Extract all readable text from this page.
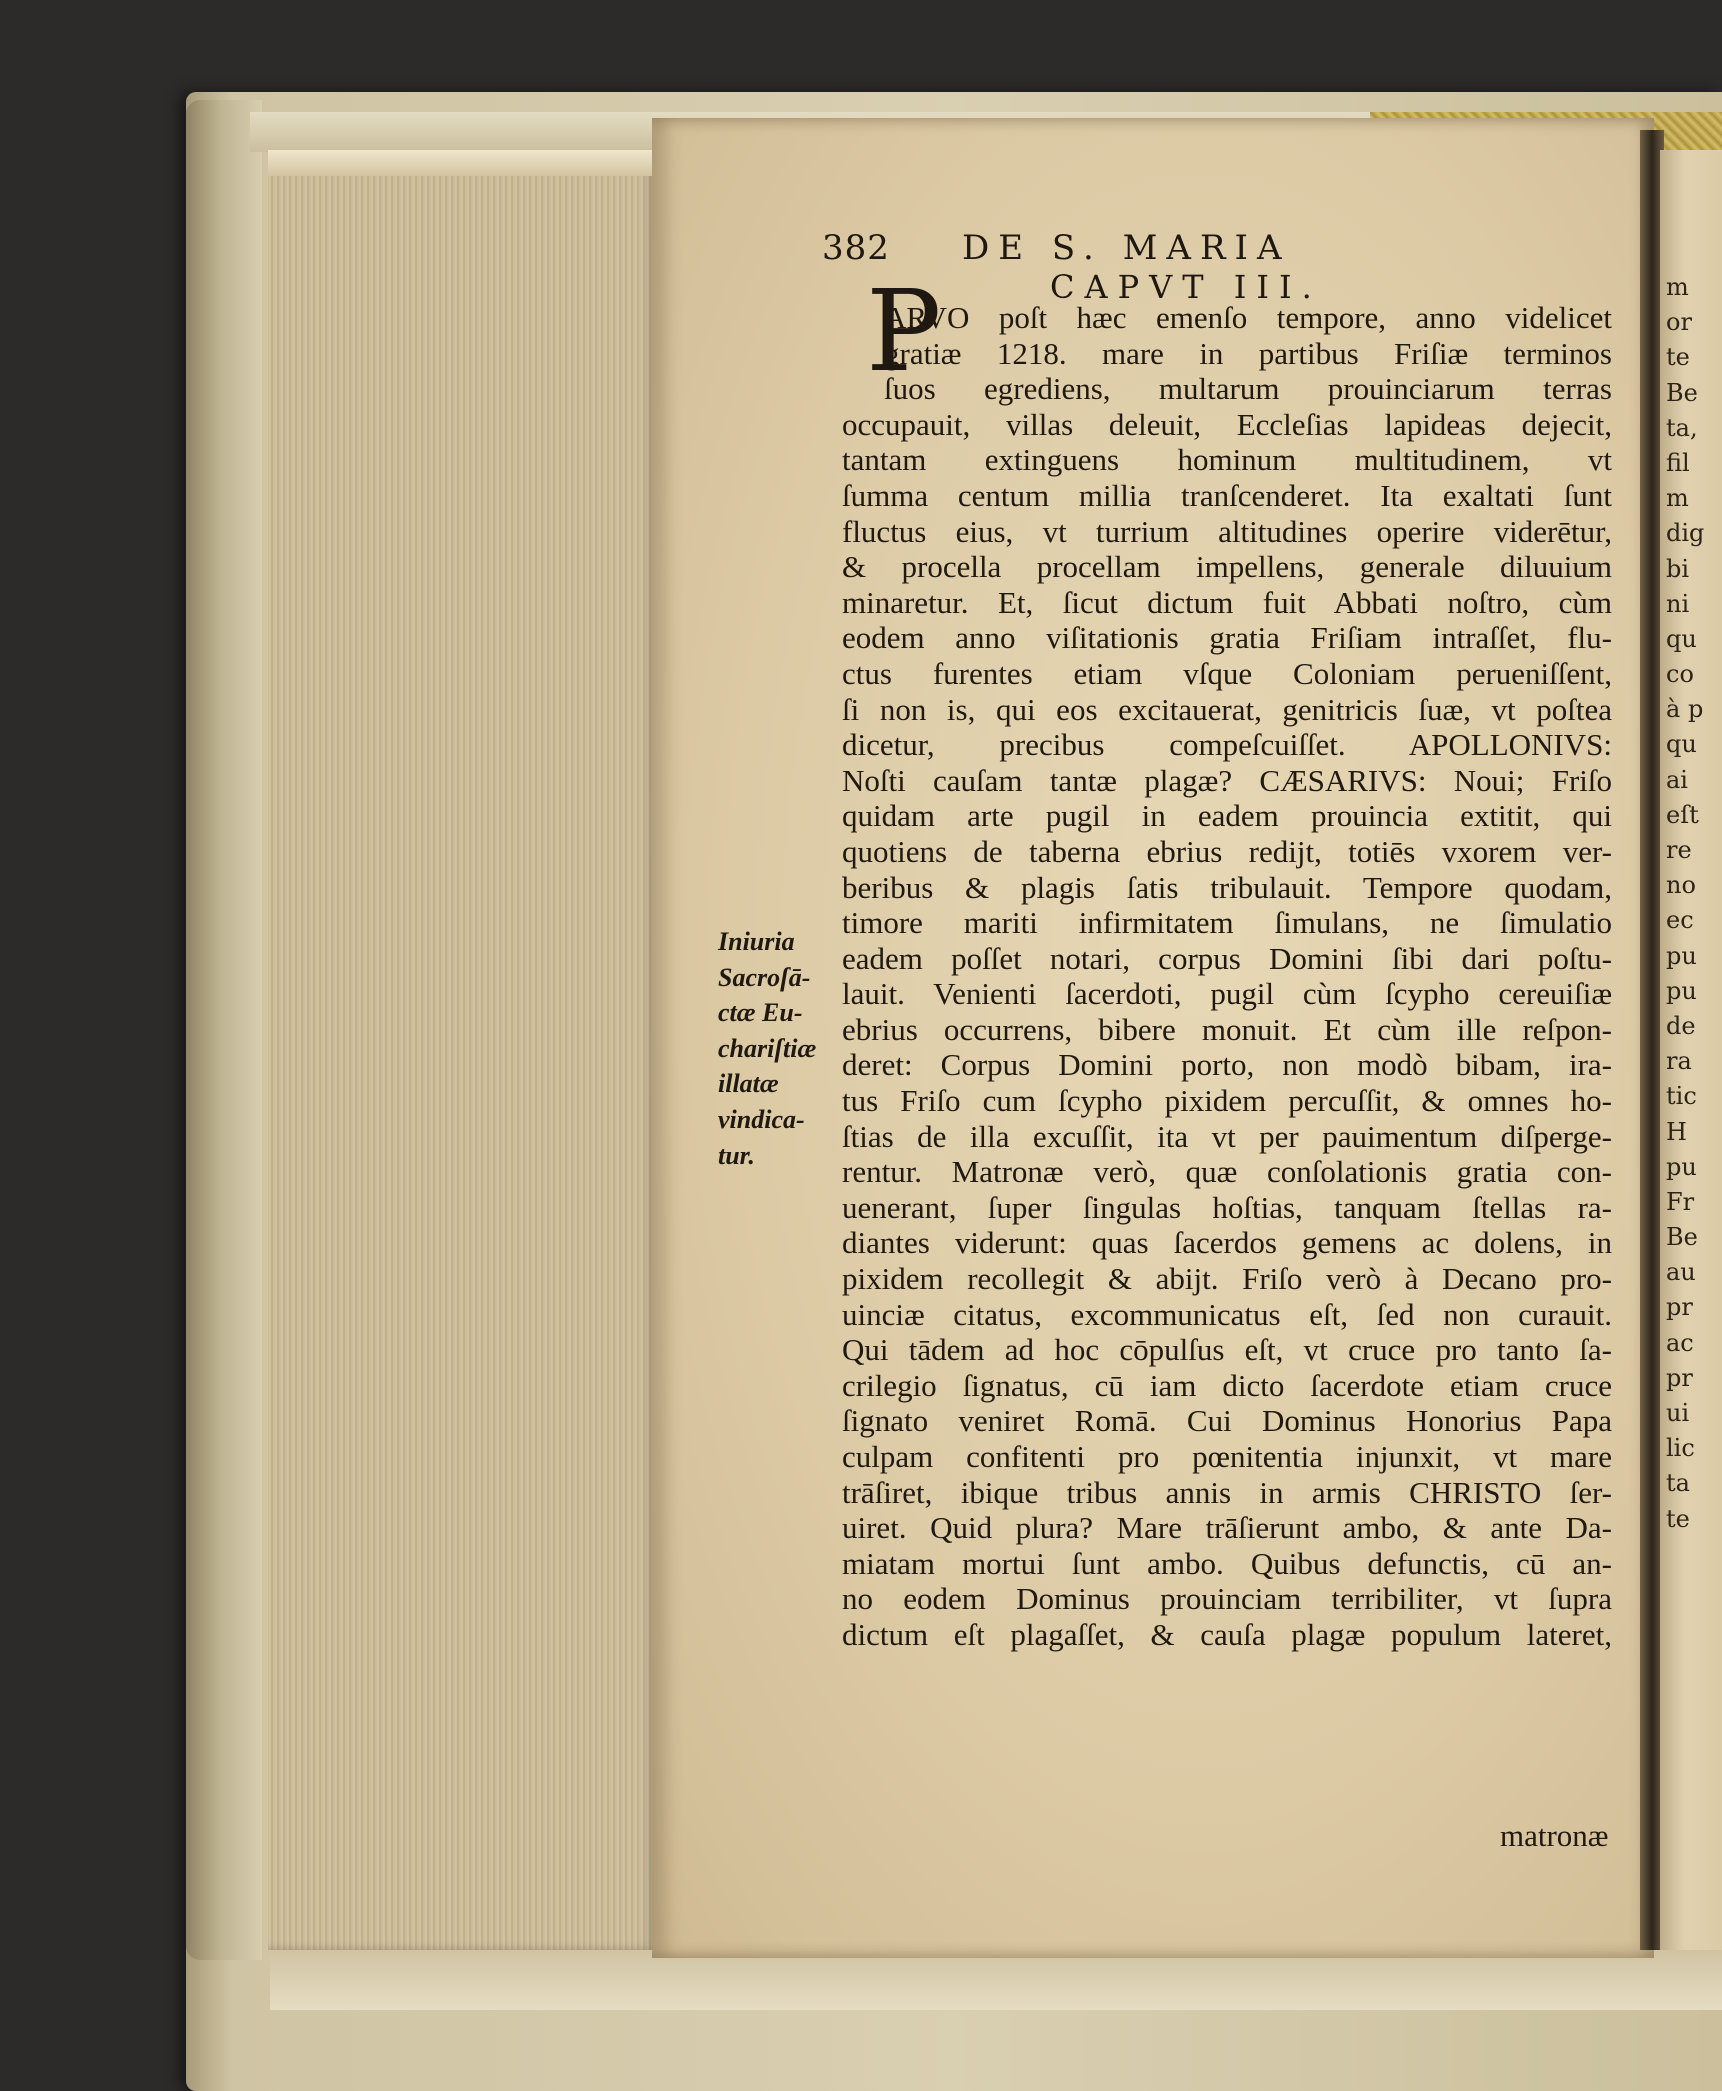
m
or
te
Be
ta,
fil
m
dig
bi
ni
qu
co
à p
qu
ai
eſt
re
no
ec
pu
pu
de
ra
tic
H
pu
Fr
Be
au
pr
ac
pr
ui
lic
ta
te
382 DE S. MARIA
CAPVT III.
P
ARVO poſt hæc emenſo tempore, anno videlicet
gratiæ 1218. mare in partibus Friſiæ terminos
ſuos egrediens, multarum prouinciarum terras
occupauit, villas deleuit, Eccleſias lapideas dejecit,
tantam extinguens hominum multitudinem, vt
ſumma centum millia tranſcenderet. Ita exaltati ſunt
fluctus eius, vt turrium altitudines operire viderētur,
& procella procellam impellens, generale diluuium
minaretur. Et, ſicut dictum fuit Abbati noſtro, cùm
eodem anno viſitationis gratia Friſiam intraſſet, flu-
ctus furentes etiam vſque Coloniam perueniſſent,
ſi non is, qui eos excitauerat, genitricis ſuæ, vt poſtea
dicetur, precibus compeſcuiſſet. APOLLONIVS:
Noſti cauſam tantæ plagæ? CÆSARIVS: Noui; Friſo
quidam arte pugil in eadem prouincia extitit, qui
quotiens de taberna ebrius redijt, totiēs vxorem ver-
beribus & plagis ſatis tribulauit. Tempore quodam,
timore mariti infirmitatem ſimulans, ne ſimulatio
eadem poſſet notari, corpus Domini ſibi dari poſtu-
lauit. Venienti ſacerdoti, pugil cùm ſcypho cereuiſiæ
ebrius occurrens, bibere monuit. Et cùm ille reſpon-
deret: Corpus Domini porto, non modò bibam, ira-
tus Friſo cum ſcypho pixidem percuſſit, & omnes ho-
ſtias de illa excuſſit, ita vt per pauimentum diſperge-
rentur. Matronæ verò, quæ conſolationis gratia con-
uenerant, ſuper ſingulas hoſtias, tanquam ſtellas ra-
diantes viderunt: quas ſacerdos gemens ac dolens, in
pixidem recollegit & abijt. Friſo verò à Decano pro-
uinciæ citatus, excommunicatus eſt, ſed non curauit.
Qui tādem ad hoc cōpulſus eſt, vt cruce pro tanto ſa-
crilegio ſignatus, cū iam dicto ſacerdote etiam cruce
ſignato veniret Romā. Cui Dominus Honorius Papa
culpam confitenti pro pœnitentia injunxit, vt mare
trāſiret, ibique tribus annis in armis CHRISTO ſer-
uiret. Quid plura? Mare trāſierunt ambo, & ante Da-
miatam mortui ſunt ambo. Quibus defunctis, cū an-
no eodem Dominus prouinciam terribiliter, vt ſupra
dictum eſt plagaſſet, & cauſa plagæ populum lateret,
Iniuria
Sacroſā-
ctæ Eu-
chariſtiæ
illatæ
vindica-
tur.
matronæ
